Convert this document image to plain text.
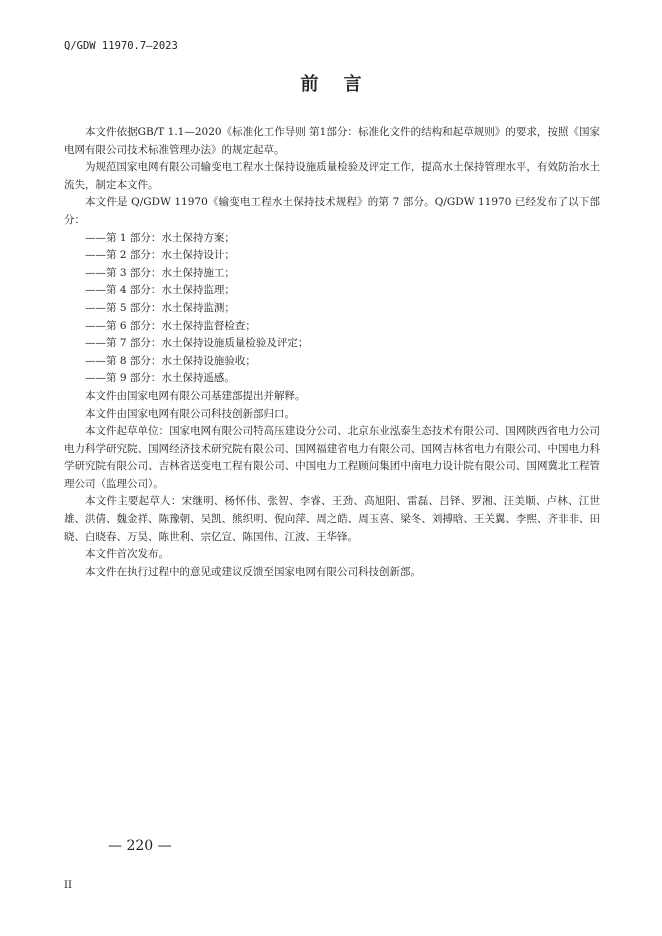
Q/GDW 11970.7—2023
前    言

本文件依据GB/T 1.1—2020《标准化工作导则 第1部分：标准化文件的结构和起草规则》的要求，按照《国家电网有限公司技术标准管理办法》的规定起草。

为规范国家电网有限公司输变电工程水土保持设施质量检验及评定工作，提高水土保持管理水平，有效防治水土流失，制定本文件。

本文件是 Q/GDW 11970《输变电工程水土保持技术规程》的第 7 部分。Q/GDW 11970 已经发布了以下部分：

——第 1 部分：水土保持方案；

——第 2 部分：水土保持设计；

——第 3 部分：水土保持施工；

——第 4 部分：水土保持监理；

——第 5 部分：水土保持监测；

——第 6 部分：水土保持监督检查；

——第 7 部分：水土保持设施质量检验及评定；

——第 8 部分：水土保持设施验收；

——第 9 部分：水土保持遥感。

本文件由国家电网有限公司基建部提出并解释。

本文件由国家电网有限公司科技创新部归口。

本文件起草单位：国家电网有限公司特高压建设分公司、北京东业泓泰生态技术有限公司、国网陕西省电力公司电力科学研究院、国网经济技术研究院有限公司、国网福建省电力有限公司、国网吉林省电力有限公司、中国电力科学研究院有限公司、吉林省送变电工程有限公司、中国电力工程顾问集团中南电力设计院有限公司、国网冀北工程管理公司（监理公司）。

本文件主要起草人：宋继明、杨怀伟、张智、李睿、王劲、高旭阳、雷磊、吕铎、罗湘、汪美顺、卢林、江世雄、洪倩、魏金祥、陈豫朝、吴凯、熊织明、倪向萍、周之皓、周玉喜、梁冬、刘搏晗、王关翼、李熙、齐非非、田晓、白晓春、万昊、陈世利、宗亿宣、陈国伟、江波、王华锋。

本文件首次发布。

本文件在执行过程中的意见或建议反馈至国家电网有限公司科技创新部。

— 220 —
II
